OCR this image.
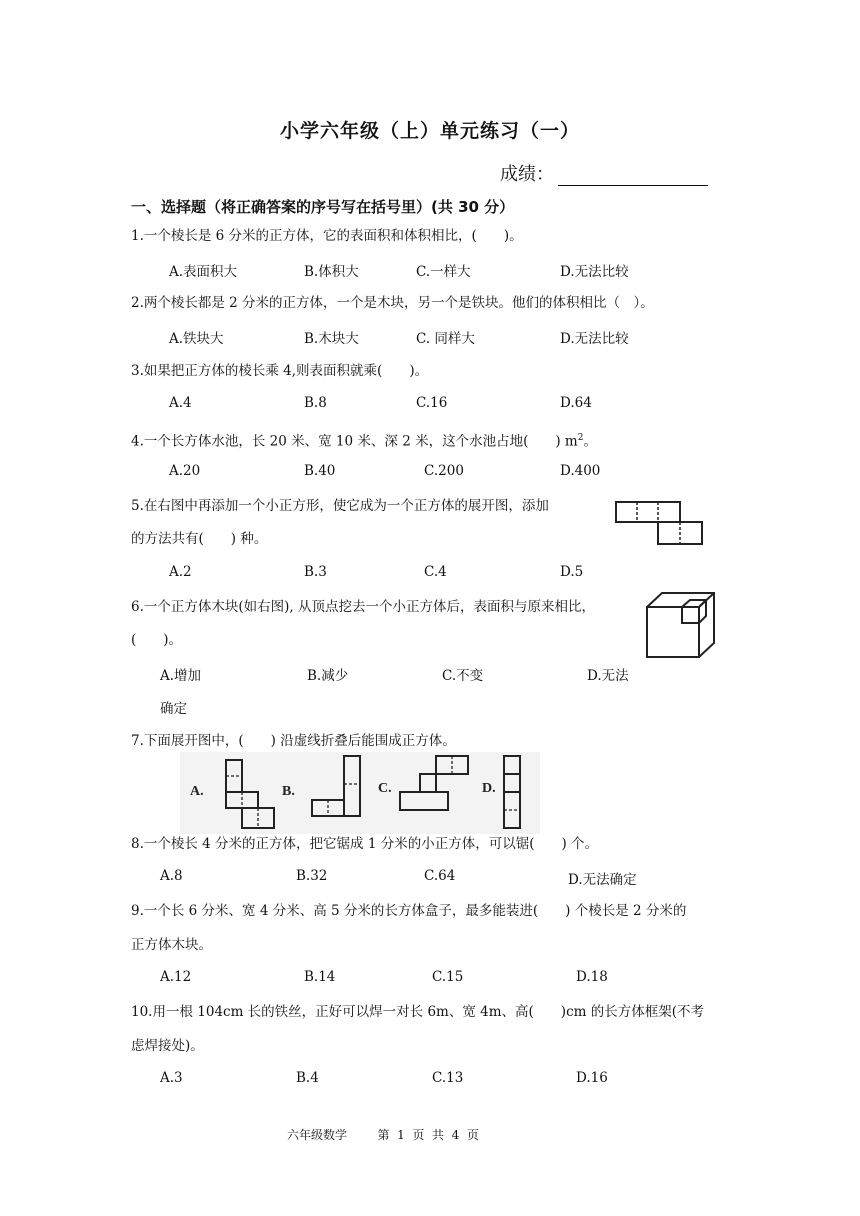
小学六年级（上）单元练习（一）
成绩：
一、选择题（将正确答案的序号写在括号里）(共 30 分）
1.一个棱长是 6 分米的正方体，它的表面积和体积相比，(　　)。
A.表面积大	B.体积大	C.一样大	D.无法比较
2.两个棱长都是 2 分米的正方体，一个是木块，另一个是铁块。他们的体积相比（　）。
A.铁块大	B.木块大	C. 同样大	D.无法比较
3.如果把正方体的棱长乘 4,则表面积就乘(　　)。
A.4	B.8	C.16	D.64
4.一个长方体水池，长 20 米、宽 10 米、深 2 米，这个水池占地(　　) $m^2$。
A.20	B.40	C.200	D.400
5.在右图中再添加一个小正方形，使它成为一个正方体的展开图，添加
的方法共有(　　) 种。
A.2	B.3	C.4	D.5
6.一个正方体木块(如右图), 从顶点挖去一个小正方体后，表面积与原来相比，
(　　)。
A.增加	B.减少	C.不变	D.无法
确定
7.下面展开图中，(　　) 沿虚线折叠后能围成正方体。
A.	B.	C.	D.
8.一个棱长 4 分米的正方体，把它锯成 1 分米的小正方体，可以锯(　　) 个。
A.8	B.32	C.64	D.无法确定
9.一个长 6 分米、宽 4 分米、高 5 分米的长方体盒子，最多能装进(　　) 个棱长是 2 分米的
正方体木块。
A.12	B.14	C.15	D.18
10.用一根 104cm 长的铁丝，正好可以焊一对长 6m、宽 4m、高(　　)cm 的长方体框架(不考
虑焊接处)。
A.3	B.4	C.13	D.16
六年级数学        第  1  页  共  4  页
